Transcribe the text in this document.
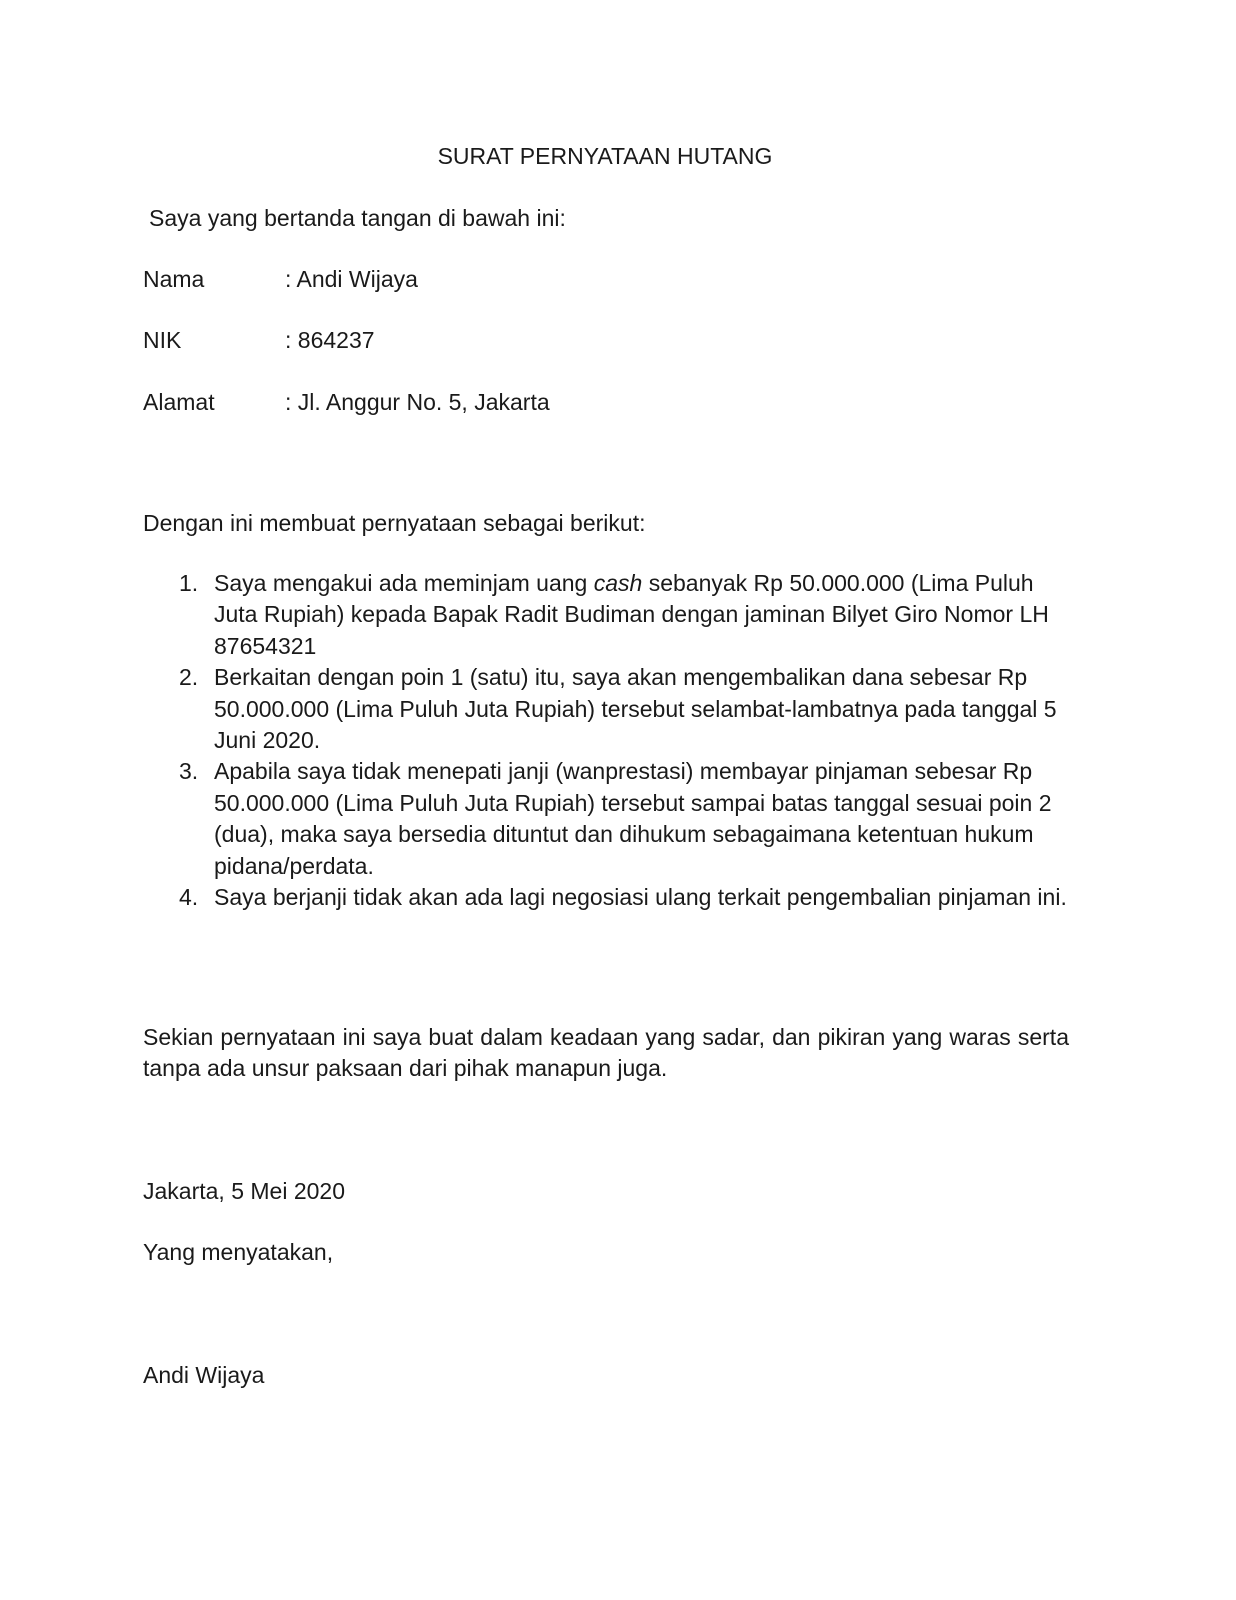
SURAT PERNYATAAN HUTANG
Saya yang bertanda tangan di bawah ini:
Nama	: Andi Wijaya
NIK	: 864237
Alamat	: Jl. Anggur No. 5, Jakarta
Dengan ini membuat pernyataan sebagai berikut:
1. Saya mengakui ada meminjam uang cash sebanyak Rp 50.000.000 (Lima Puluh Juta Rupiah) kepada Bapak Radit Budiman dengan jaminan Bilyet Giro Nomor LH 87654321
2. Berkaitan dengan poin 1 (satu) itu, saya akan mengembalikan dana sebesar Rp 50.000.000 (Lima Puluh Juta Rupiah) tersebut selambat-lambatnya pada tanggal 5 Juni 2020.
3. Apabila saya tidak menepati janji (wanprestasi) membayar pinjaman sebesar Rp 50.000.000 (Lima Puluh Juta Rupiah) tersebut sampai batas tanggal sesuai poin 2 (dua), maka saya bersedia dituntut dan dihukum sebagaimana ketentuan hukum pidana/perdata.
4. Saya berjanji tidak akan ada lagi negosiasi ulang terkait pengembalian pinjaman ini.
Sekian pernyataan ini saya buat dalam keadaan yang sadar, dan pikiran yang waras serta tanpa ada unsur paksaan dari pihak manapun juga.
Jakarta, 5 Mei 2020
Yang menyatakan,
Andi Wijaya
